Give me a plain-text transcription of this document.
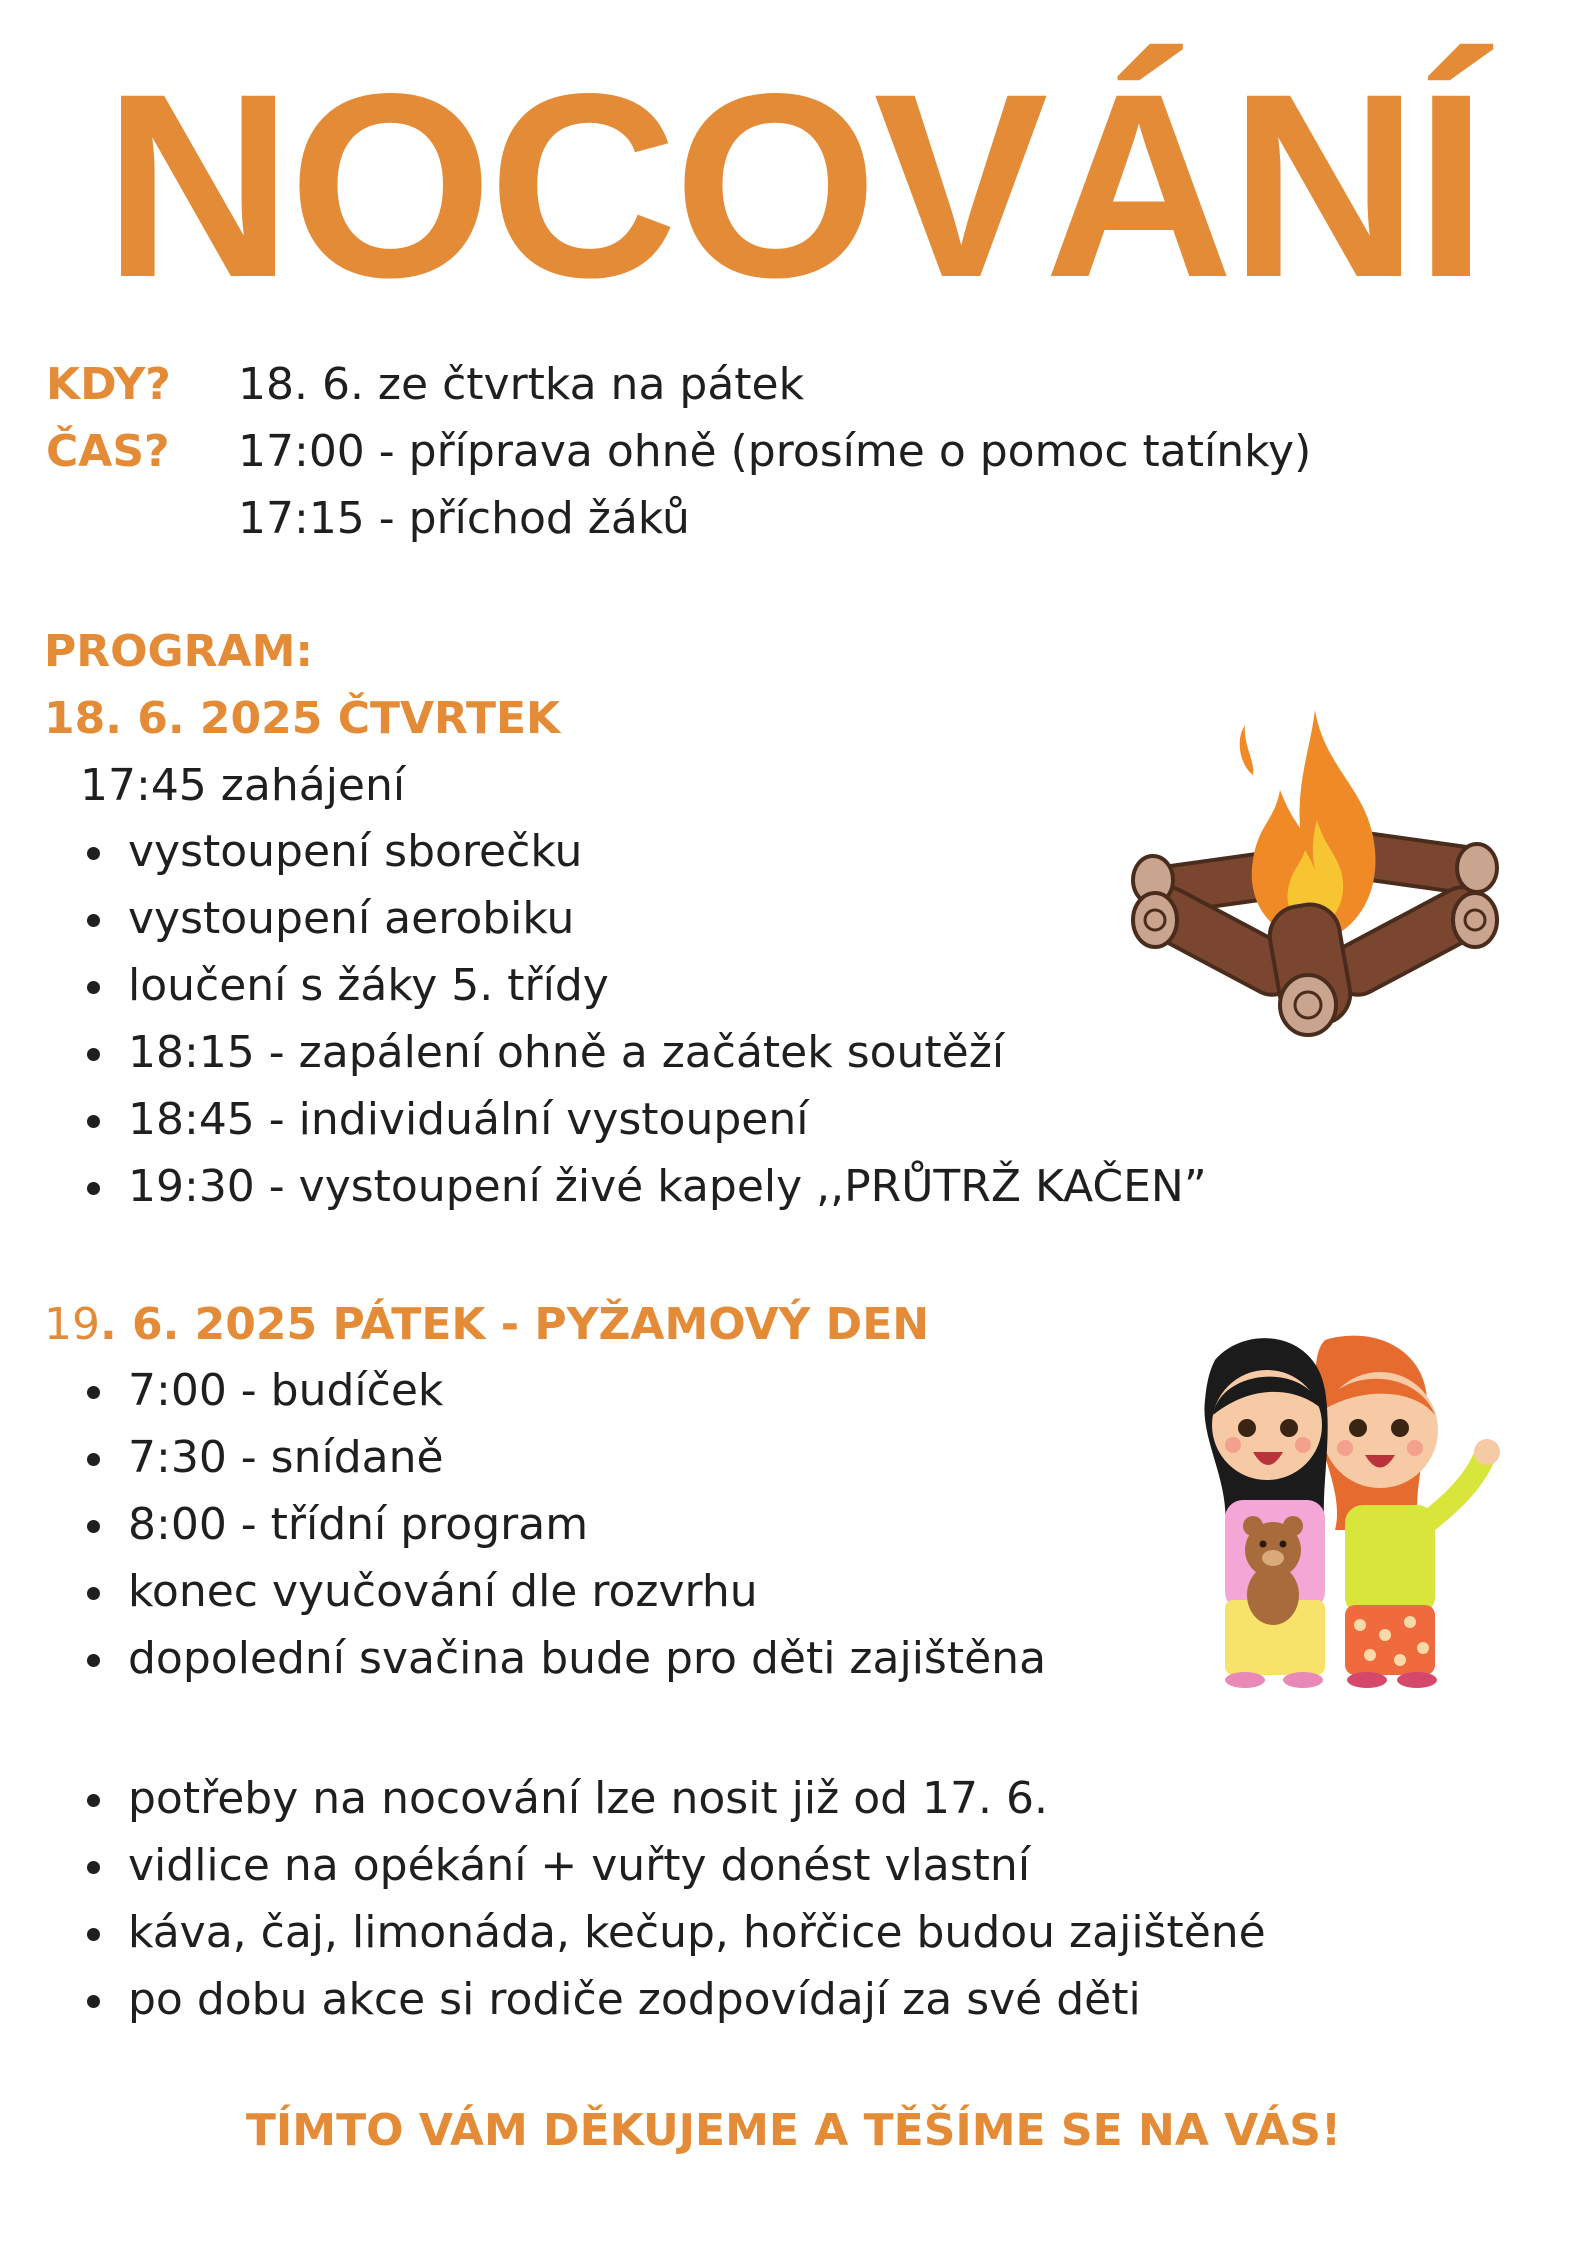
NOCOVÁNÍ
KDY? 18. 6. ze čtvrtka na pátek
ČAS? 17:00 - příprava ohně (prosíme o pomoc tatínky)
17:15 - příchod žáků
PROGRAM:
18. 6. 2025 ČTVRTEK
17:45 zahájení
vystoupení sborečku
vystoupení aerobiku
loučení s žáky 5. třídy
18:15 - zapálení ohně a začátek soutěží
18:45 - individuální vystoupení
19:30 - vystoupení živé kapely ,,PRŮTRŽ KAČEN”
19. 6. 2025 PÁTEK - PYŽAMOVÝ DEN
7:00 - budíček
7:30 - snídaně
8:00 - třídní program
konec vyučování dle rozvrhu
dopolední svačina bude pro děti zajištěna
potřeby na nocování lze nosit již od 17. 6.
vidlice na opékání + vuřty donést vlastní
káva, čaj, limonáda, kečup, hořčice budou zajištěné
po dobu akce si rodiče zodpovídají za své děti
TÍMTO VÁM DĚKUJEME A TĚŠÍME SE NA VÁS!
